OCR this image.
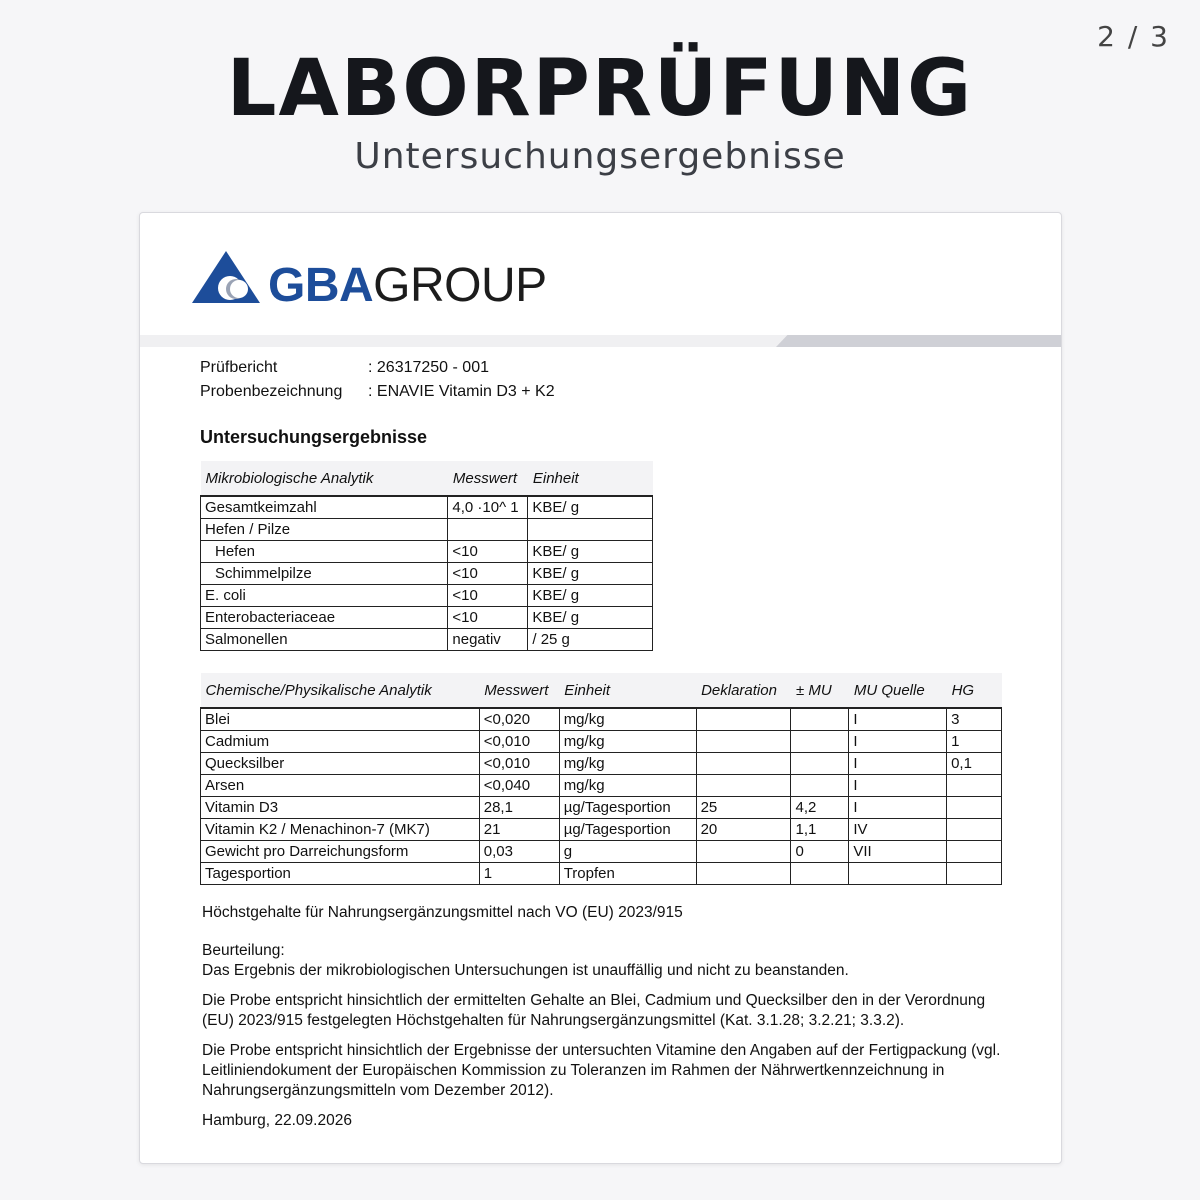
2 / 3
LABORPRÜFUNG
Untersuchungsergebnisse
GBAGROUP
Prüfbericht	: 26317250 - 001
Probenbezeichnung : ENAVIE Vitamin D3 + K2
Untersuchungsergebnisse
Mikrobiologische Analytik	Messwert	Einheit
Gesamtkeimzahl	4,0 ·10^ 1	KBE/ g
Hefen / Pilze		
Hefen	<10	KBE/ g
Schimmelpilze	<10	KBE/ g
E. coli	<10	KBE/ g
Enterobacteriaceae	<10	KBE/ g
Salmonellen	negativ	/ 25 g
Chemische/Physikalische Analytik	Messwert	Einheit	Deklaration	± MU	MU Quelle	HG
Blei	<0,020	mg/kg			I	3
Cadmium	<0,010	mg/kg			I	1
Quecksilber	<0,010	mg/kg			I	0,1
Arsen	<0,040	mg/kg			I	
Vitamin D3	28,1	µg/Tagesportion	25	4,2	I	
Vitamin K2 / Menachinon-7 (MK7)	21	µg/Tagesportion	20	1,1	IV	
Gewicht pro Darreichungsform	0,03	g		0	VII	
Tagesportion	1	Tropfen				

Höchstgehalte für Nahrungsergänzungsmittel nach VO (EU) 2023/915

Beurteilung:

Das Ergebnis der mikrobiologischen Untersuchungen ist unauffällig und nicht zu beanstanden.

Die Probe entspricht hinsichtlich der ermittelten Gehalte an Blei, Cadmium und Quecksilber den in der Verordnung (EU) 2023/915 festgelegten Höchstgehalten für Nahrungsergänzungsmittel (Kat. 3.1.28; 3.2.21; 3.3.2).

Die Probe entspricht hinsichtlich der Ergebnisse der untersuchten Vitamine den Angaben auf der Fertigpackung (vgl. Leitliniendokument der Europäischen Kommission zu Toleranzen im Rahmen der Nährwertkennzeichnung in Nahrungsergänzungsmitteln vom Dezember 2012).

Hamburg, 22.09.2026
